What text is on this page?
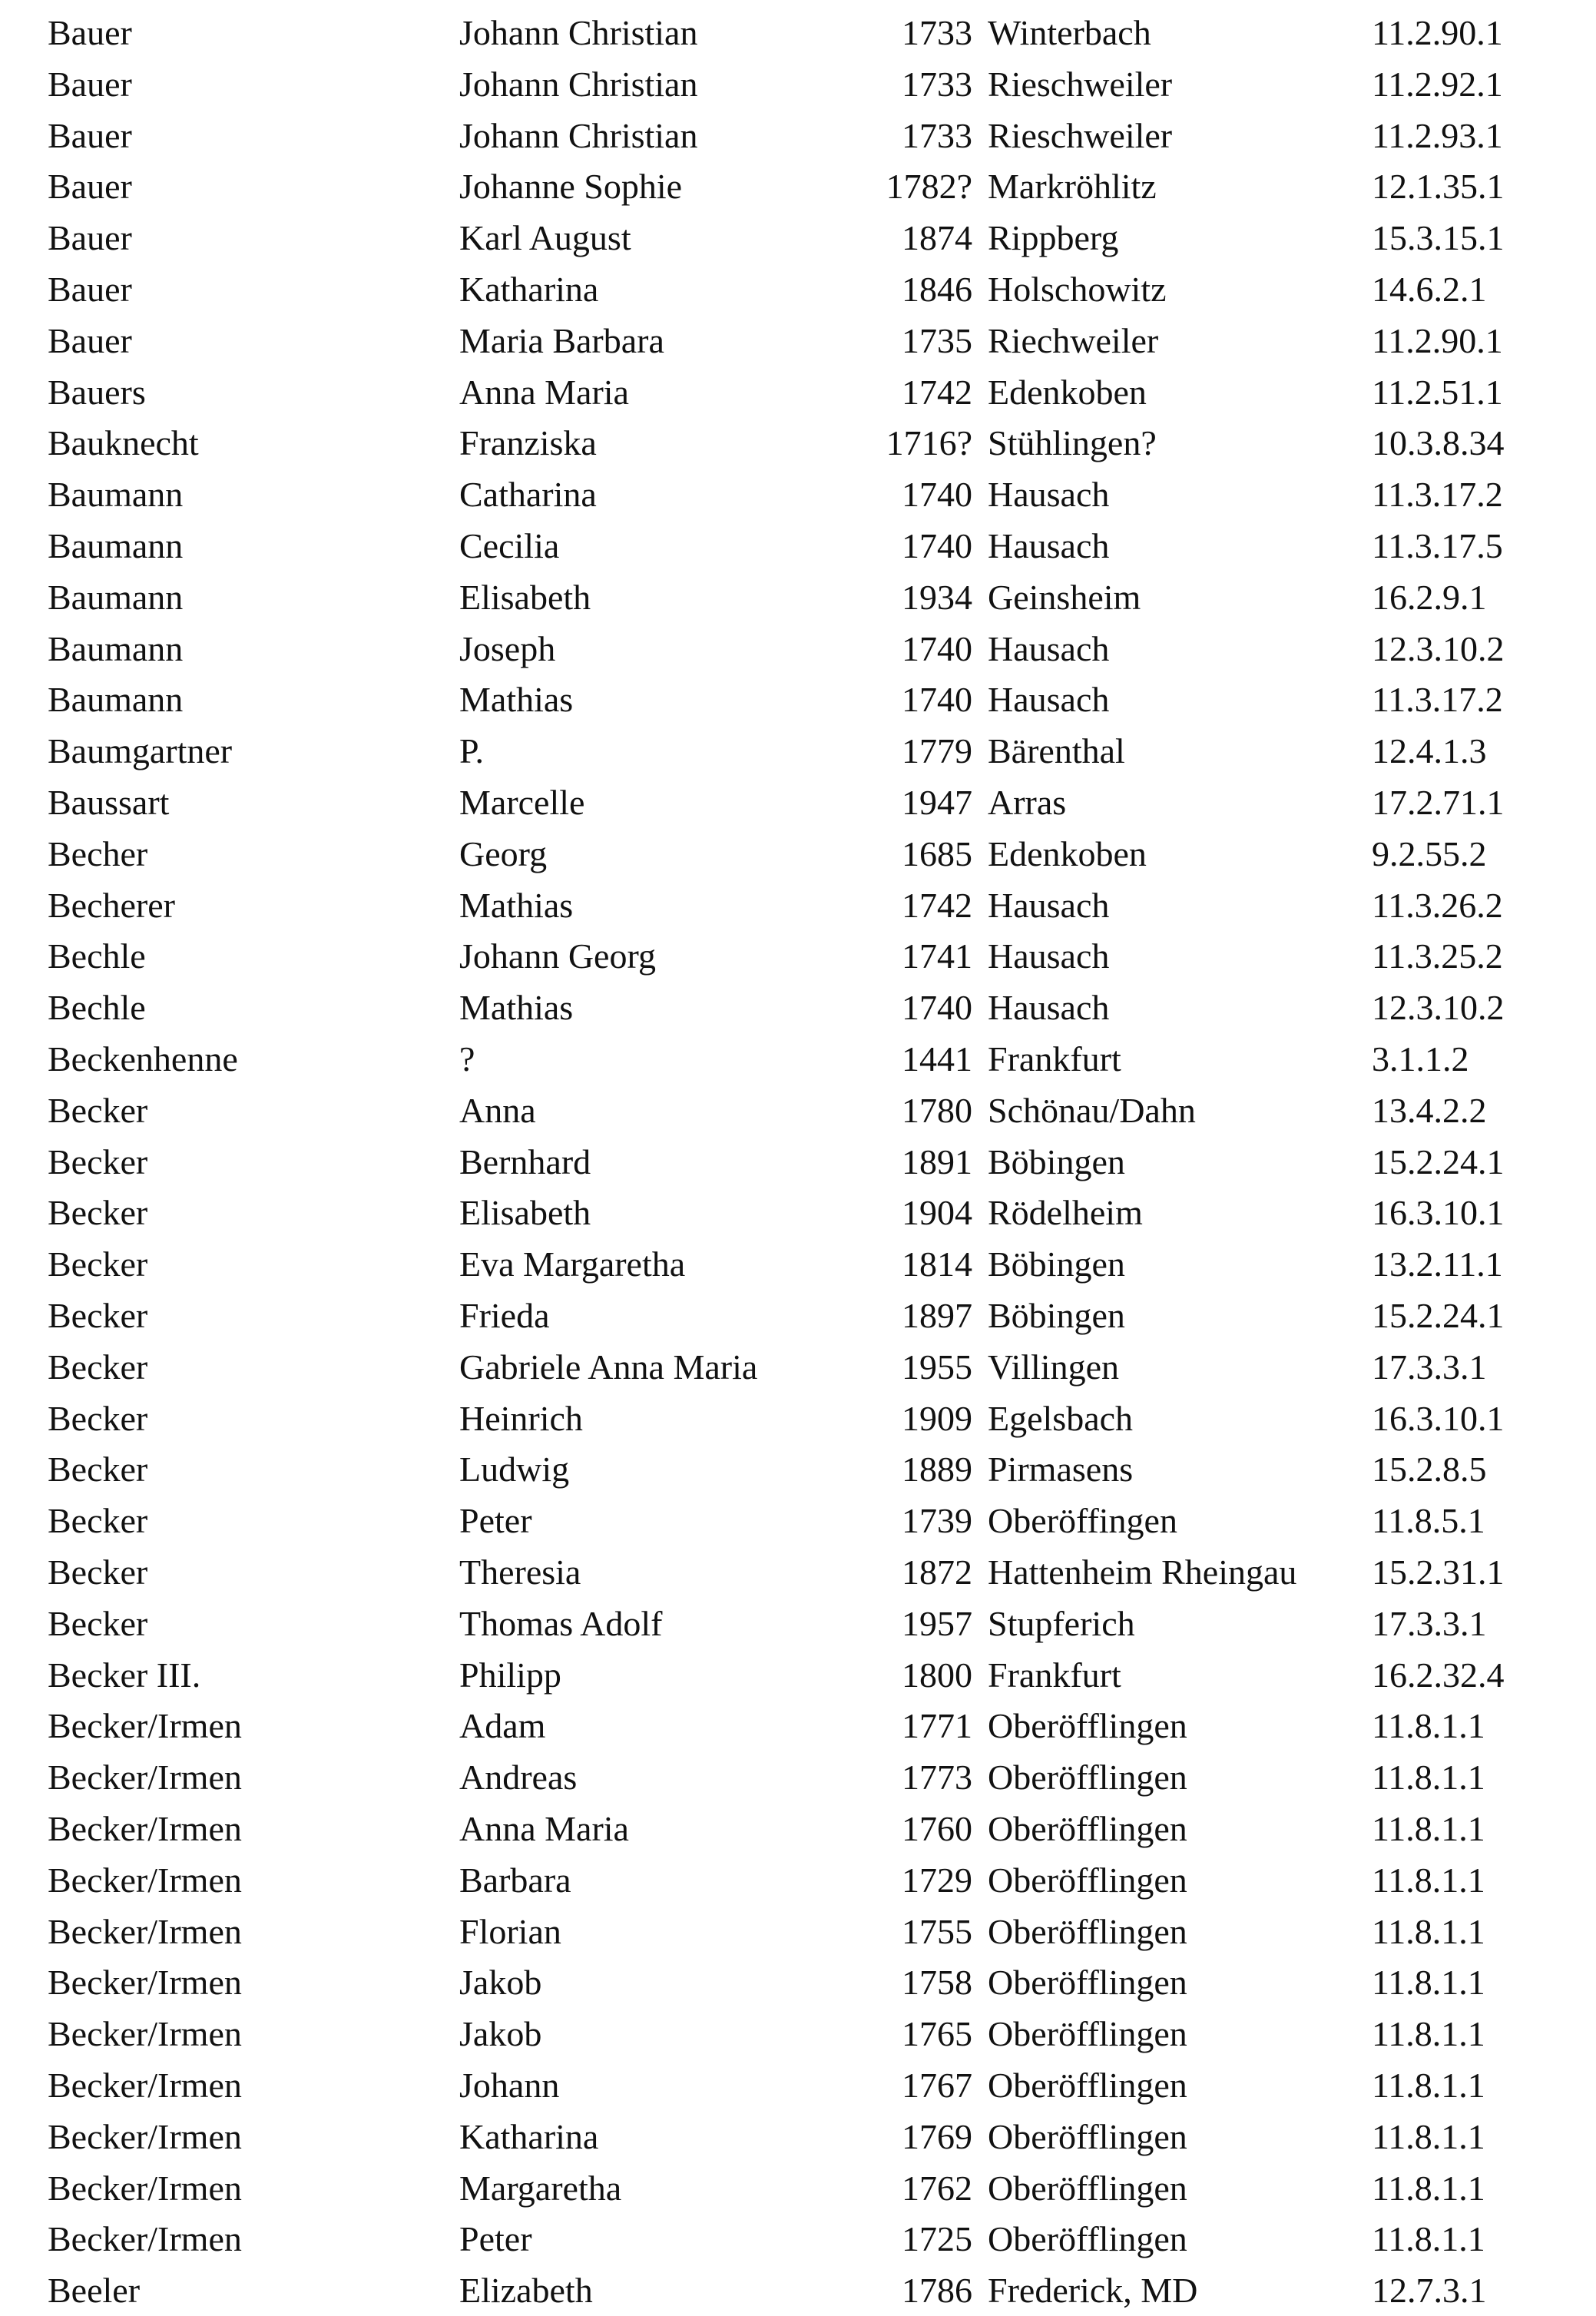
Bauer	Johann Christian	1733 Winterbach	11.2.90.1
Bauer	Johann Christian	1733 Rieschweiler	11.2.92.1
Bauer	Johann Christian	1733 Rieschweiler	11.2.93.1
Bauer	Johanne Sophie	1782? Markröhlitz	12.1.35.1
Bauer	Karl August	1874 Rippberg	15.3.15.1
Bauer	Katharina	1846 Holschowitz	14.6.2.1
Bauer	Maria Barbara	1735 Riechweiler	11.2.90.1
Bauers	Anna Maria	1742 Edenkoben	11.2.51.1
Bauknecht	Franziska	1716? Stühlingen?	10.3.8.34
Baumann	Catharina	1740 Hausach	11.3.17.2
Baumann	Cecilia	1740 Hausach	11.3.17.5
Baumann	Elisabeth	1934 Geinsheim	16.2.9.1
Baumann	Joseph	1740 Hausach	12.3.10.2
Baumann	Mathias	1740 Hausach	11.3.17.2
Baumgartner	P.	1779 Bärenthal	12.4.1.3
Baussart	Marcelle	1947 Arras	17.2.71.1
Becher	Georg	1685 Edenkoben	9.2.55.2
Becherer	Mathias	1742 Hausach	11.3.26.2
Bechle	Johann Georg	1741 Hausach	11.3.25.2
Bechle	Mathias	1740 Hausach	12.3.10.2
Beckenhenne	?	1441 Frankfurt	3.1.1.2
Becker	Anna	1780 Schönau/Dahn	13.4.2.2
Becker	Bernhard	1891 Böbingen	15.2.24.1
Becker	Elisabeth	1904 Rödelheim	16.3.10.1
Becker	Eva Margaretha	1814 Böbingen	13.2.11.1
Becker	Frieda	1897 Böbingen	15.2.24.1
Becker	Gabriele Anna Maria	1955 Villingen	17.3.3.1
Becker	Heinrich	1909 Egelsbach	16.3.10.1
Becker	Ludwig	1889 Pirmasens	15.2.8.5
Becker	Peter	1739 Oberöffingen	11.8.5.1
Becker	Theresia	1872 Hattenheim Rheingau 15.2.31.1
Becker	Thomas Adolf	1957 Stupferich	17.3.3.1
Becker III.	Philipp	1800 Frankfurt	16.2.32.4
Becker/Irmen	Adam	1771 Oberöfflingen	11.8.1.1
Becker/Irmen	Andreas	1773 Oberöfflingen	11.8.1.1
Becker/Irmen	Anna Maria	1760 Oberöfflingen	11.8.1.1
Becker/Irmen	Barbara	1729 Oberöfflingen	11.8.1.1
Becker/Irmen	Florian	1755 Oberöfflingen	11.8.1.1
Becker/Irmen	Jakob	1758 Oberöfflingen	11.8.1.1
Becker/Irmen	Jakob	1765 Oberöfflingen	11.8.1.1
Becker/Irmen	Johann	1767 Oberöfflingen	11.8.1.1
Becker/Irmen	Katharina	1769 Oberöfflingen	11.8.1.1
Becker/Irmen	Margaretha	1762 Oberöfflingen	11.8.1.1
Becker/Irmen	Peter	1725 Oberöfflingen	11.8.1.1
Beeler	Elizabeth	1786 Frederick, MD	12.7.3.1
